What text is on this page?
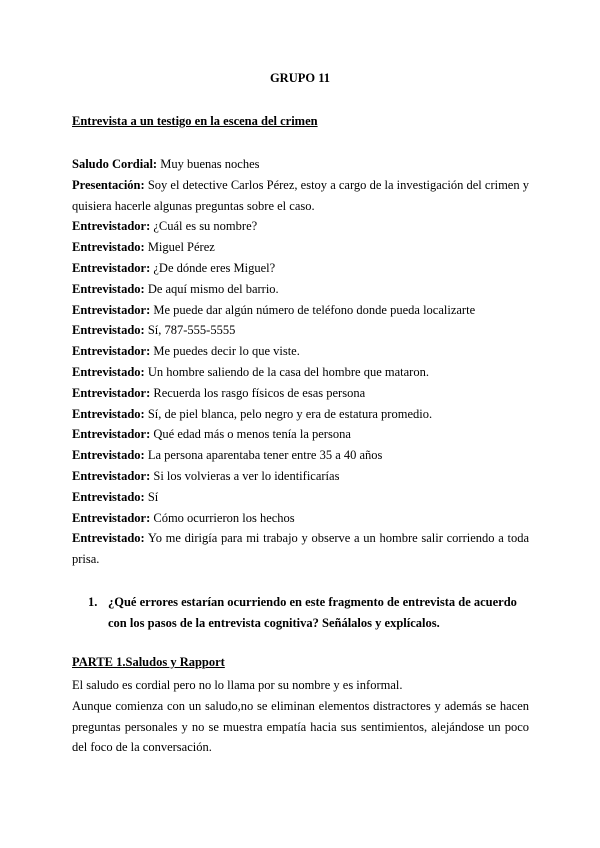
GRUPO 11
Entrevista a un testigo en la escena del crimen
Saludo Cordial: Muy buenas noches
Presentación: Soy el detective Carlos Pérez, estoy a cargo de la investigación del crimen y quisiera hacerle algunas preguntas sobre el caso.
Entrevistador: ¿Cuál es su nombre?
Entrevistado: Miguel Pérez
Entrevistador: ¿De dónde eres Miguel?
Entrevistado: De aquí mismo del barrio.
Entrevistador: Me puede dar algún número de teléfono donde pueda localizarte
Entrevistado: Sí, 787-555-5555
Entrevistador: Me puedes decir lo que viste.
Entrevistado: Un hombre saliendo de la casa del hombre que mataron.
Entrevistador: Recuerda los rasgo físicos de esas persona
Entrevistado: Sí, de piel blanca, pelo negro y era de estatura promedio.
Entrevistador: Qué edad más o menos tenía la persona
Entrevistado: La persona aparentaba tener entre 35 a 40 años
Entrevistador: Si los volvieras a ver lo identificarías
Entrevistado: Sí
Entrevistador: Cómo ocurrieron los hechos
Entrevistado: Yo me dirigía para mi trabajo y observe a un hombre salir corriendo a toda prisa.
1. ¿Qué errores estarían ocurriendo en este fragmento de entrevista de acuerdo con los pasos de la entrevista cognitiva? Señálalos y explícalos.
PARTE 1.Saludos y Rapport

El saludo es cordial pero no lo llama por su nombre y es informal.

Aunque comienza con un saludo,no se eliminan elementos distractores y además se hacen preguntas personales y no se muestra empatía hacia sus sentimientos, alejándose un poco del foco de la conversación.
